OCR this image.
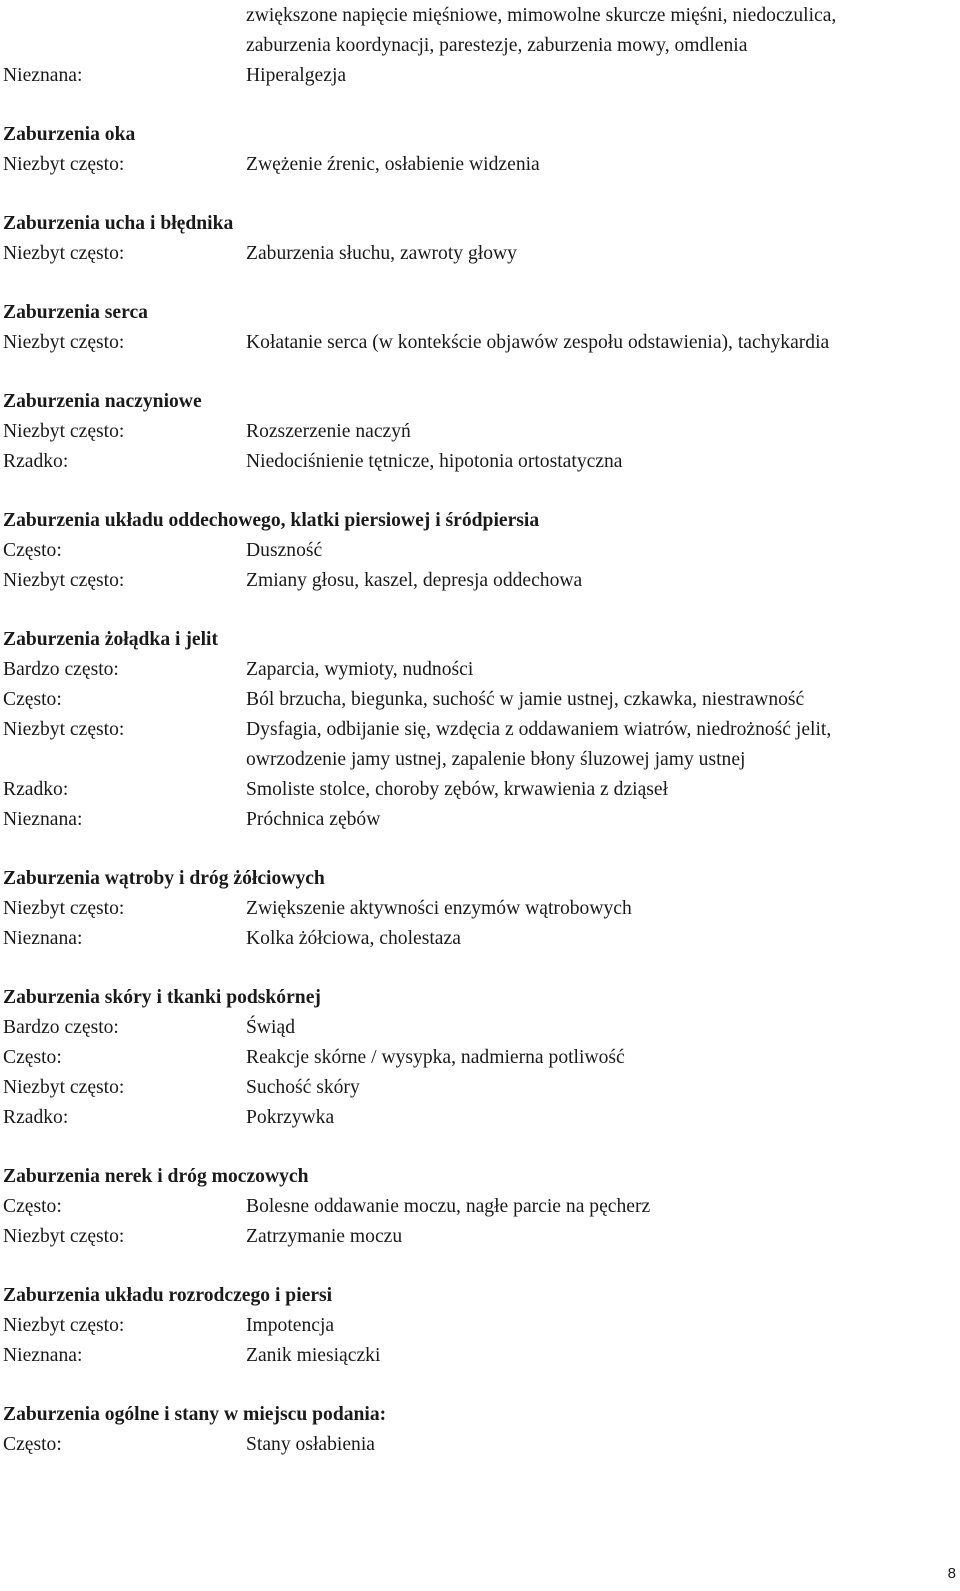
zwiększone napięcie mięśniowe, mimowolne skurcze mięśni, niedoczulica,
zaburzenia koordynacji, parestezje, zaburzenia mowy, omdlenia
Nieznana:	Hiperalgezja
Zaburzenia oka
Niezbyt często:	Zwężenie źrenic, osłabienie widzenia
Zaburzenia ucha i błędnika
Niezbyt często:	Zaburzenia słuchu, zawroty głowy
Zaburzenia serca
Niezbyt często:	Kołatanie serca (w kontekście objawów zespołu odstawienia), tachykardia
Zaburzenia naczyniowe
Niezbyt często:	Rozszerzenie naczyń
Rzadko:	Niedociśnienie tętnicze, hipotonia ortostatyczna
Zaburzenia układu oddechowego, klatki piersiowej i śródpiersia
Często:	Duszność
Niezbyt często:	Zmiany głosu, kaszel, depresja oddechowa
Zaburzenia żołądka i jelit
Bardzo często:	Zaparcia, wymioty, nudności
Często:	Ból brzucha, biegunka, suchość w jamie ustnej, czkawka, niestrawność
Niezbyt często:	Dysfagia, odbijanie się, wzdęcia z oddawaniem wiatrów, niedrożność jelit,
owrzodzenie jamy ustnej, zapalenie błony śluzowej jamy ustnej
Rzadko:	Smoliste stolce, choroby zębów, krwawienia z dziąseł
Nieznana:	Próchnica zębów
Zaburzenia wątroby i dróg żółciowych
Niezbyt często:	Zwiększenie aktywności enzymów wątrobowych
Nieznana:	Kolka żółciowa, cholestaza
Zaburzenia skóry i tkanki podskórnej
Bardzo często:	Świąd
Często:	Reakcje skórne / wysypka, nadmierna potliwość
Niezbyt często:	Suchość skóry
Rzadko:	Pokrzywka
Zaburzenia nerek i dróg moczowych
Często:	Bolesne oddawanie moczu, nagłe parcie na pęcherz
Niezbyt często:	Zatrzymanie moczu
Zaburzenia układu rozrodczego i piersi
Niezbyt często:	Impotencja
Nieznana:	Zanik miesiączki
Zaburzenia ogólne i stany w miejscu podania:
Często:	Stany osłabienia
8
